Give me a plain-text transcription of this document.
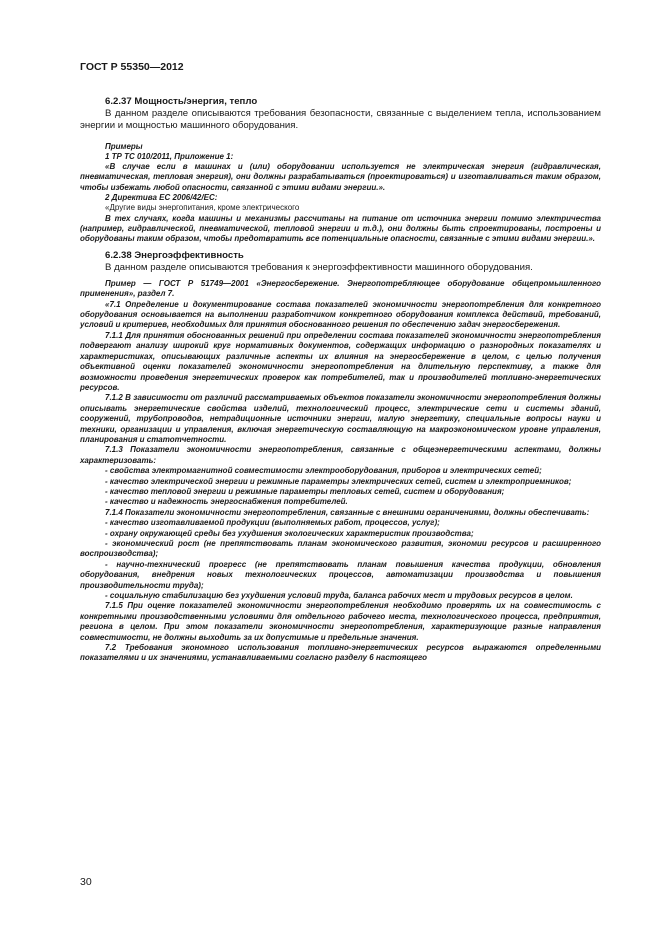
ГОСТ Р 55350—2012

6.2.37 Мощность/энергия, тепло

В данном разделе описываются требования безопасности, связанные с выделением тепла, использованием энергии и мощностью машинного оборудования.

Примеры

1 ТР ТС 010/2011, Приложение 1:

«В случае если в машинах и (или) оборудовании используется не электрическая энергия (гидравлическая, пневматическая, тепловая энергия), они должны разрабатываться (проектироваться) и изготавливаться таким образом, чтобы избежать любой опасности, связанной с этими видами энергии.».

2 Директива ЕС 2006/42/ЕС:

«Другие виды энергопитания, кроме электрического

В тех случаях, когда машины и механизмы рассчитаны на питание от источника энергии помимо электричества (например, гидравлической, пневматической, тепловой энергии и т.д.), они должны быть спроектированы, построены и оборудованы таким образом, чтобы предотвратить все потенциальные опасности, связанные с этими видами энергии.».

6.2.38 Энергоэффективность

В данном разделе описываются требования к энергоэффективности машинного оборудования.

Пример — ГОСТ Р 51749—2001 «Энергосбережение. Энергопотребляющее оборудование общепромышленного применения», раздел 7.

«7.1 Определение и документирование состава показателей экономичности энергопотребления для конкретного оборудования основывается на выполнении разработчиком конкретного оборудования комплекса действий, требований, условий и критериев, необходимых для принятия обоснованного решения по обеспечению задач энергосбережения.

7.1.1 Для принятия обоснованных решений при определении состава показателей экономичности энергопотребления подвергают анализу широкий круг нормативных документов, содержащих информацию о разнородных показателях и характеристиках, описывающих различные аспекты их влияния на энергосбережение в целом, с целью получения объективной оценки показателей экономичности энергопотребления на длительную перспективу, а также для возможности проведения энергетических проверок как потребителей, так и производителей топливно-энергетических ресурсов.

7.1.2 В зависимости от различий рассматриваемых объектов показатели экономичности энергопотребления должны описывать энергетические свойства изделий, технологический процесс, электрические сети и системы зданий, сооружений, трубопроводов, нетрадиционные источники энергии, малую энергетику, специальные вопросы науки и техники, организации и управления, включая энергетическую составляющую на макроэкономическом уровне управления, планирования и статотчетности.

7.1.3 Показатели экономичности энергопотребления, связанные с общеэнергетическими аспектами, должны характеризовать:

- свойства электромагнитной совместимости электрооборудования, приборов и электрических сетей;

- качество электрической энергии и режимные параметры электрических сетей, систем и электроприемников;

- качество тепловой энергии и режимные параметры тепловых сетей, систем и оборудования;

- качество и надежность энергоснабжения потребителей.

7.1.4 Показатели экономичности энергопотребления, связанные с внешними ограничениями, должны обеспечивать:

- качество изготавливаемой продукции (выполняемых работ, процессов, услуг);

- охрану окружающей среды без ухудшения экологических характеристик производства;

- экономический рост (не препятствовать планам экономического развития, экономии ресурсов и расширенного воспроизводства);

- научно-технический прогресс (не препятствовать планам повышения качества продукции, обновления оборудования, внедрения новых технологических процессов, автоматизации производства и повышения производительности труда);

- социальную стабилизацию без ухудшения условий труда, баланса рабочих мест и трудовых ресурсов в целом.

7.1.5 При оценке показателей экономичности энергопотребления необходимо проверять их на совместимость с конкретными производственными условиями для отдельного рабочего места, технологического процесса, предприятия, региона в целом. При этом показатели экономичности энергопотребления, характеризующие разные направления совместимости, не должны выходить за их допустимые и предельные значения.

7.2 Требования экономного использования топливно-энергетических ресурсов выражаются определенными показателями и их значениями, устанавливаемыми согласно разделу 6 настоящего

30
